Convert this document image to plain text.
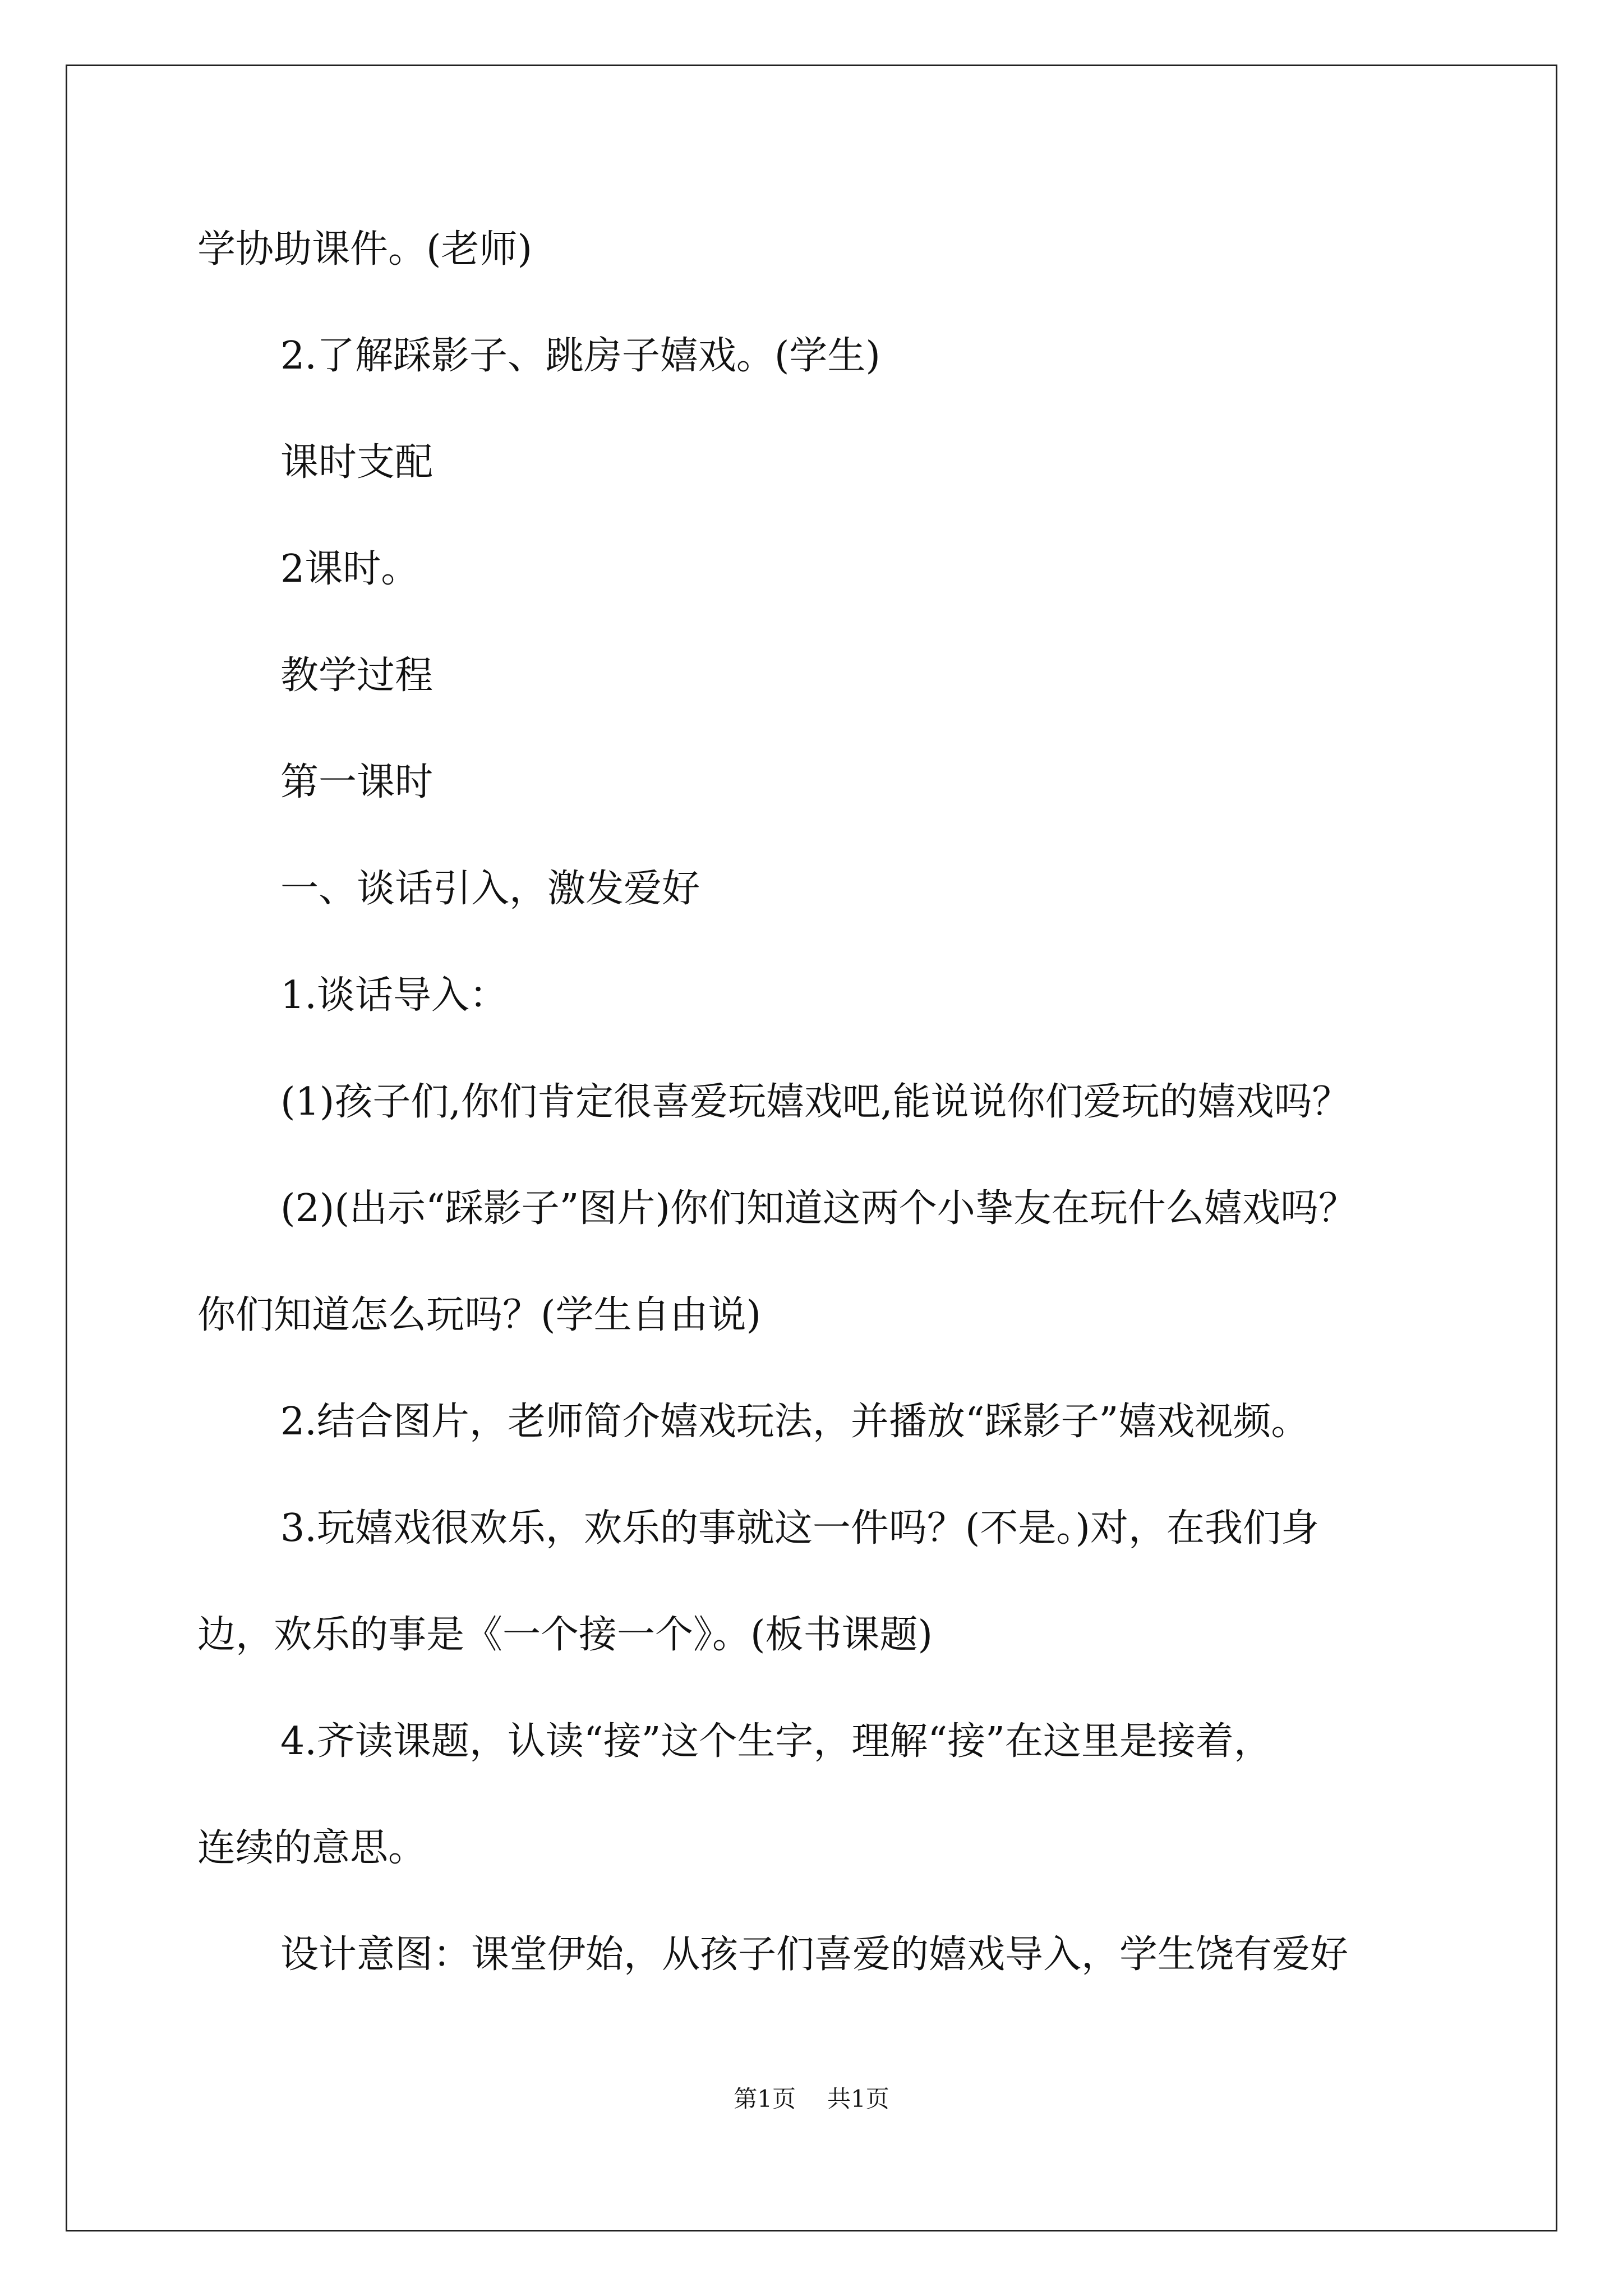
学协助课件。(老师)
2.了解踩影子、跳房子嬉戏。(学生)
课时支配
2课时。
教学过程
第一课时
一、谈话引入，激发爱好
1.谈话导入：
(1)孩子们,你们肯定很喜爱玩嬉戏吧,能说说你们爱玩的嬉戏吗？
(2)(出示“踩影子”图片)你们知道这两个小挚友在玩什么嬉戏吗？
你们知道怎么玩吗？(学生自由说)
2.结合图片，老师简介嬉戏玩法，并播放“踩影子”嬉戏视频。
3.玩嬉戏很欢乐，欢乐的事就这一件吗？(不是。)对，在我们身
边，欢乐的事是《一个接一个》。(板书课题)
4.齐读课题，认读“接”这个生字，理解“接”在这里是接着，
连续的意思。
设计意图：课堂伊始，从孩子们喜爱的嬉戏导入，学生饶有爱好
第1页 共1页
